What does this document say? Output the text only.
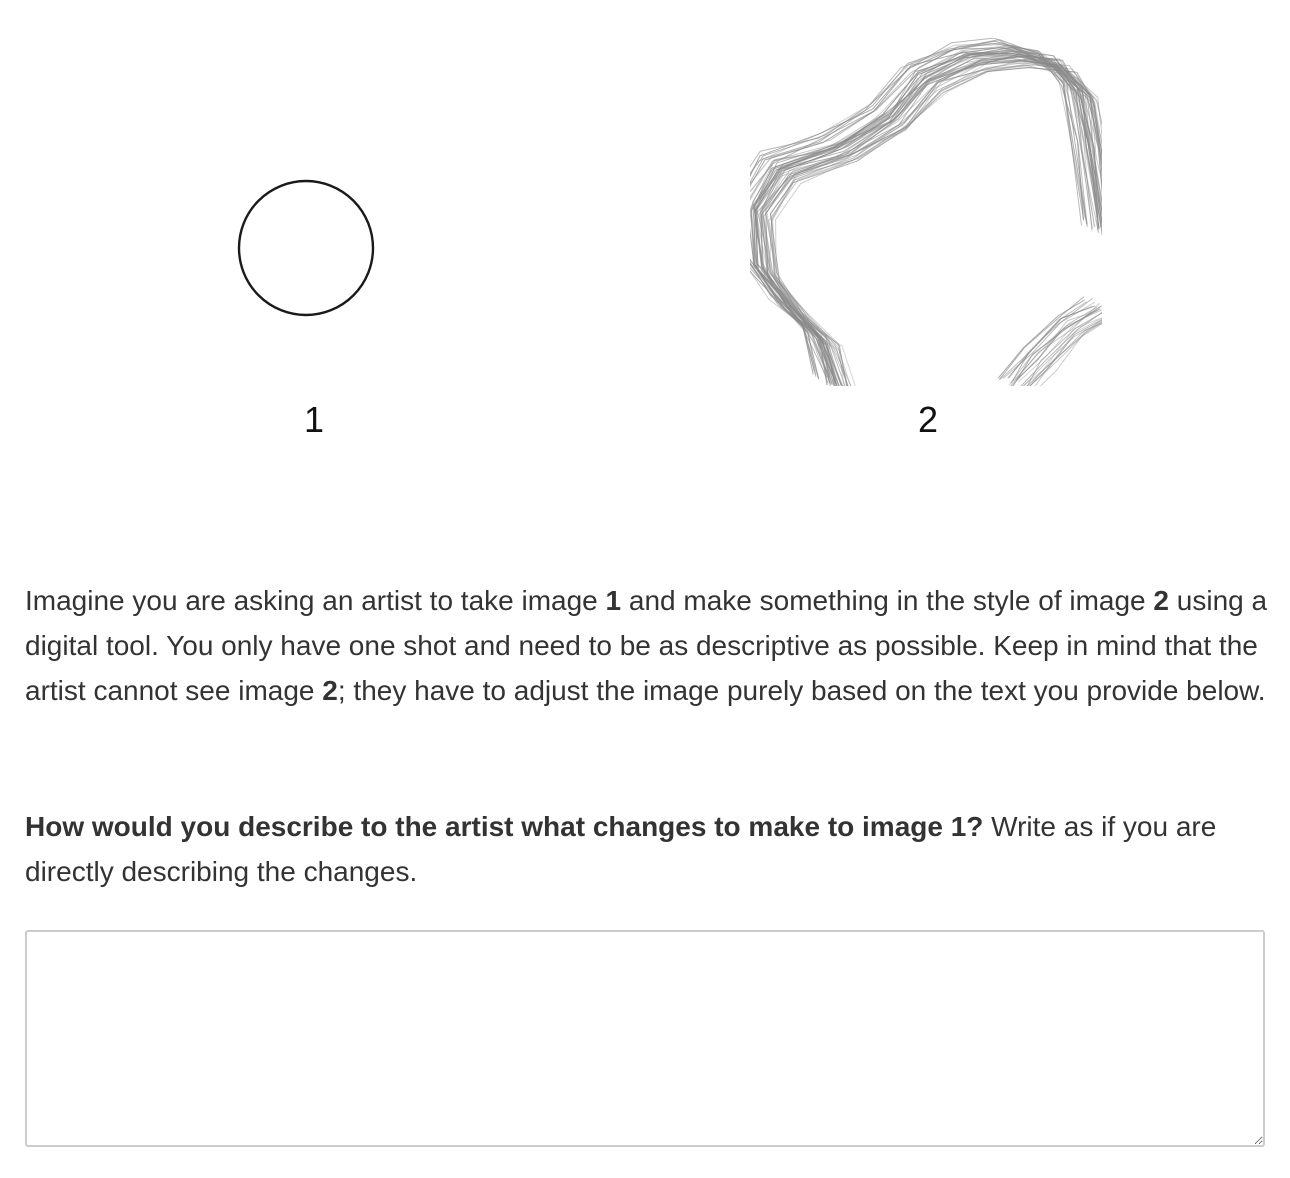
1	2

Imagine you are asking an artist to take image 1 and make something in the style of image 2 using a digital tool. You only have one shot and need to be as descriptive as possible. Keep in mind that the artist cannot see image 2; they have to adjust the image purely based on the text you provide below.

How would you describe to the artist what changes to make to image 1? Write as if you are directly describing the changes.
